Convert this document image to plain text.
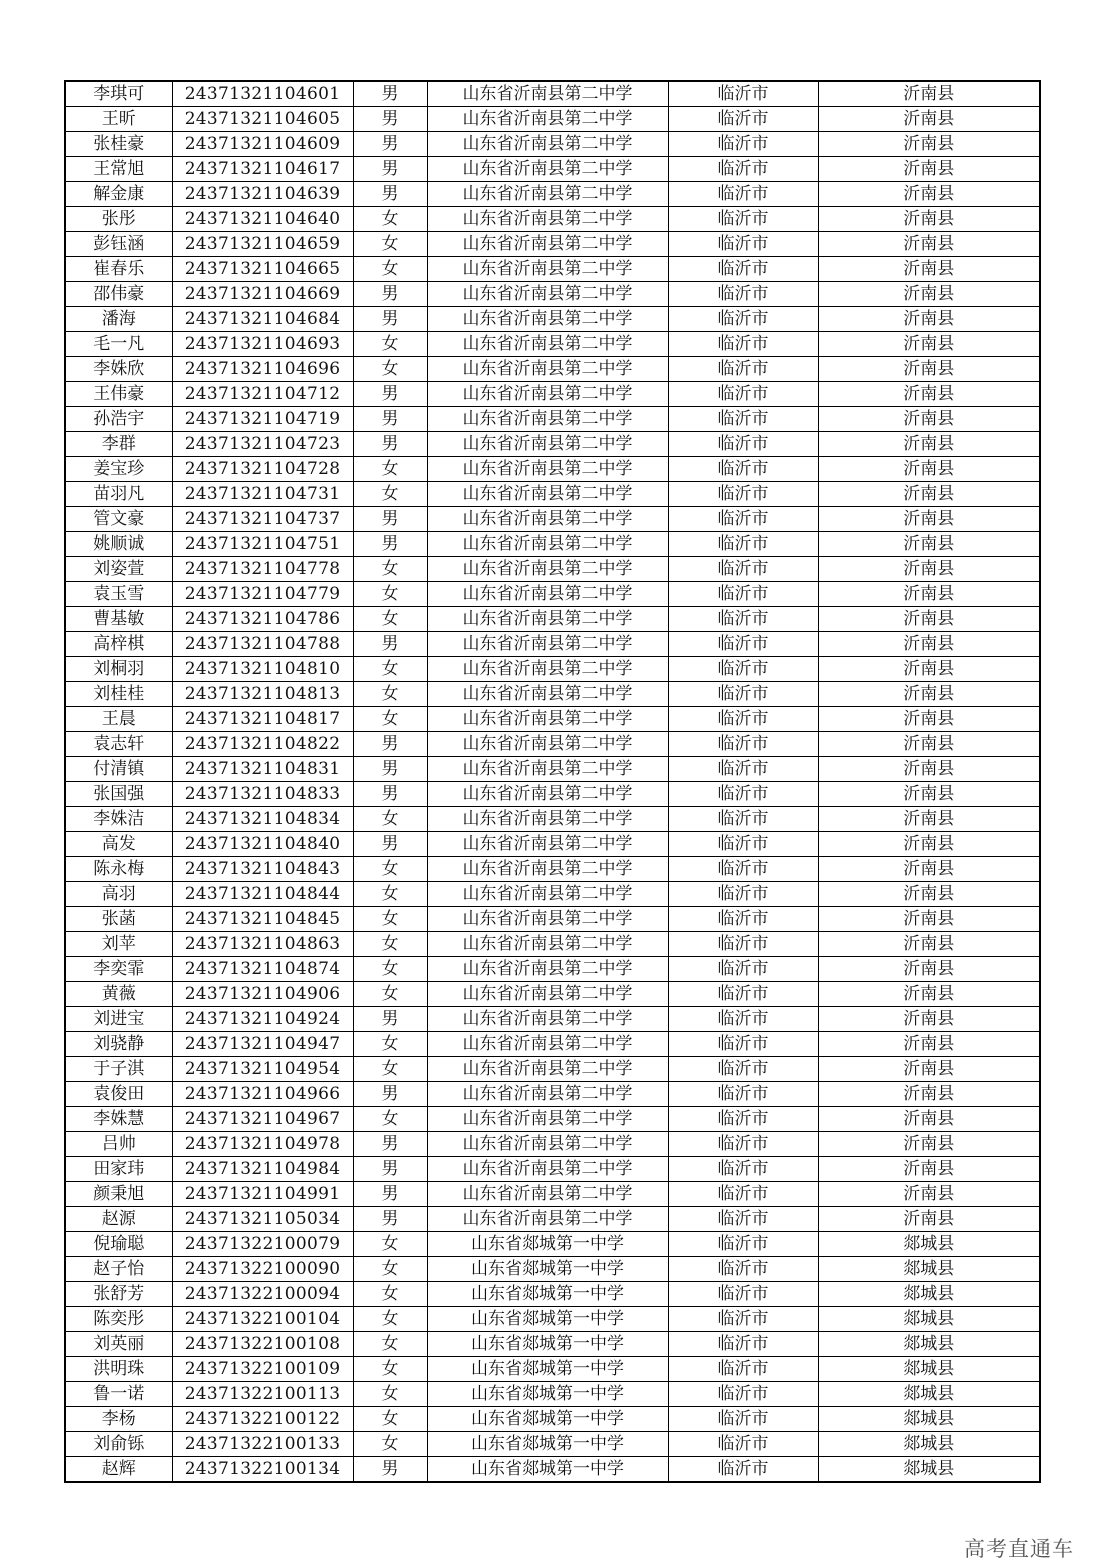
李琪可	24371321104601	男	山东省沂南县第二中学	临沂市	沂南县
王昕	24371321104605	男	山东省沂南县第二中学	临沂市	沂南县
张桂豪	24371321104609	男	山东省沂南县第二中学	临沂市	沂南县
王常旭	24371321104617	男	山东省沂南县第二中学	临沂市	沂南县
解金康	24371321104639	男	山东省沂南县第二中学	临沂市	沂南县
张彤	24371321104640	女	山东省沂南县第二中学	临沂市	沂南县
彭钰涵	24371321104659	女	山东省沂南县第二中学	临沂市	沂南县
崔春乐	24371321104665	女	山东省沂南县第二中学	临沂市	沂南县
邵伟豪	24371321104669	男	山东省沂南县第二中学	临沂市	沂南县
潘海	24371321104684	男	山东省沂南县第二中学	临沂市	沂南县
毛一凡	24371321104693	女	山东省沂南县第二中学	临沂市	沂南县
李姝欣	24371321104696	女	山东省沂南县第二中学	临沂市	沂南县
王伟豪	24371321104712	男	山东省沂南县第二中学	临沂市	沂南县
孙浩宇	24371321104719	男	山东省沂南县第二中学	临沂市	沂南县
李群	24371321104723	男	山东省沂南县第二中学	临沂市	沂南县
姜宝珍	24371321104728	女	山东省沂南县第二中学	临沂市	沂南县
苗羽凡	24371321104731	女	山东省沂南县第二中学	临沂市	沂南县
管文豪	24371321104737	男	山东省沂南县第二中学	临沂市	沂南县
姚顺诚	24371321104751	男	山东省沂南县第二中学	临沂市	沂南县
刘姿萱	24371321104778	女	山东省沂南县第二中学	临沂市	沂南县
袁玉雪	24371321104779	女	山东省沂南县第二中学	临沂市	沂南县
曹基敏	24371321104786	女	山东省沂南县第二中学	临沂市	沂南县
高梓棋	24371321104788	男	山东省沂南县第二中学	临沂市	沂南县
刘桐羽	24371321104810	女	山东省沂南县第二中学	临沂市	沂南县
刘桂桂	24371321104813	女	山东省沂南县第二中学	临沂市	沂南县
王晨	24371321104817	女	山东省沂南县第二中学	临沂市	沂南县
袁志轩	24371321104822	男	山东省沂南县第二中学	临沂市	沂南县
付清镇	24371321104831	男	山东省沂南县第二中学	临沂市	沂南县
张国强	24371321104833	男	山东省沂南县第二中学	临沂市	沂南县
李姝洁	24371321104834	女	山东省沂南县第二中学	临沂市	沂南县
高发	24371321104840	男	山东省沂南县第二中学	临沂市	沂南县
陈永梅	24371321104843	女	山东省沂南县第二中学	临沂市	沂南县
高羽	24371321104844	女	山东省沂南县第二中学	临沂市	沂南县
张菡	24371321104845	女	山东省沂南县第二中学	临沂市	沂南县
刘苹	24371321104863	女	山东省沂南县第二中学	临沂市	沂南县
李奕霏	24371321104874	女	山东省沂南县第二中学	临沂市	沂南县
黄薇	24371321104906	女	山东省沂南县第二中学	临沂市	沂南县
刘进宝	24371321104924	男	山东省沂南县第二中学	临沂市	沂南县
刘骁静	24371321104947	女	山东省沂南县第二中学	临沂市	沂南县
于子淇	24371321104954	女	山东省沂南县第二中学	临沂市	沂南县
袁俊田	24371321104966	男	山东省沂南县第二中学	临沂市	沂南县
李姝慧	24371321104967	女	山东省沂南县第二中学	临沂市	沂南县
吕帅	24371321104978	男	山东省沂南县第二中学	临沂市	沂南县
田家玮	24371321104984	男	山东省沂南县第二中学	临沂市	沂南县
颜秉旭	24371321104991	男	山东省沂南县第二中学	临沂市	沂南县
赵源	24371321105034	男	山东省沂南县第二中学	临沂市	沂南县
倪瑜聪	24371322100079	女	山东省郯城第一中学	临沂市	郯城县
赵子怡	24371322100090	女	山东省郯城第一中学	临沂市	郯城县
张舒芳	24371322100094	女	山东省郯城第一中学	临沂市	郯城县
陈奕彤	24371322100104	女	山东省郯城第一中学	临沂市	郯城县
刘英丽	24371322100108	女	山东省郯城第一中学	临沂市	郯城县
洪明珠	24371322100109	女	山东省郯城第一中学	临沂市	郯城县
鲁一诺	24371322100113	女	山东省郯城第一中学	临沂市	郯城县
李杨	24371322100122	女	山东省郯城第一中学	临沂市	郯城县
刘俞铄	24371322100133	女	山东省郯城第一中学	临沂市	郯城县
赵辉	24371322100134	男	山东省郯城第一中学	临沂市	郯城县
高考直通车
